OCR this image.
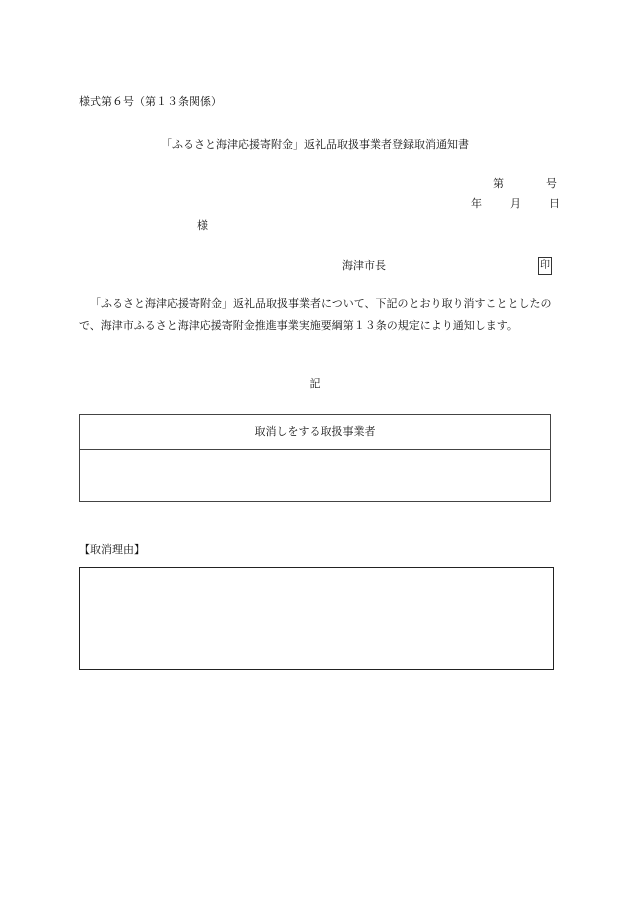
様式第６号（第１３条関係）
「ふるさと海津応援寄附金」返礼品取扱事業者登録取消通知書
第	号
年	月	日
様
海津市長	印
「ふるさと海津応援寄附金」返礼品取扱事業者について、下記のとおり取り消すこととしたので、海津市ふるさと海津応援寄附金推進事業実施要綱第１３条の規定により通知します。
記
取消しをする取扱事業者
【取消理由】
